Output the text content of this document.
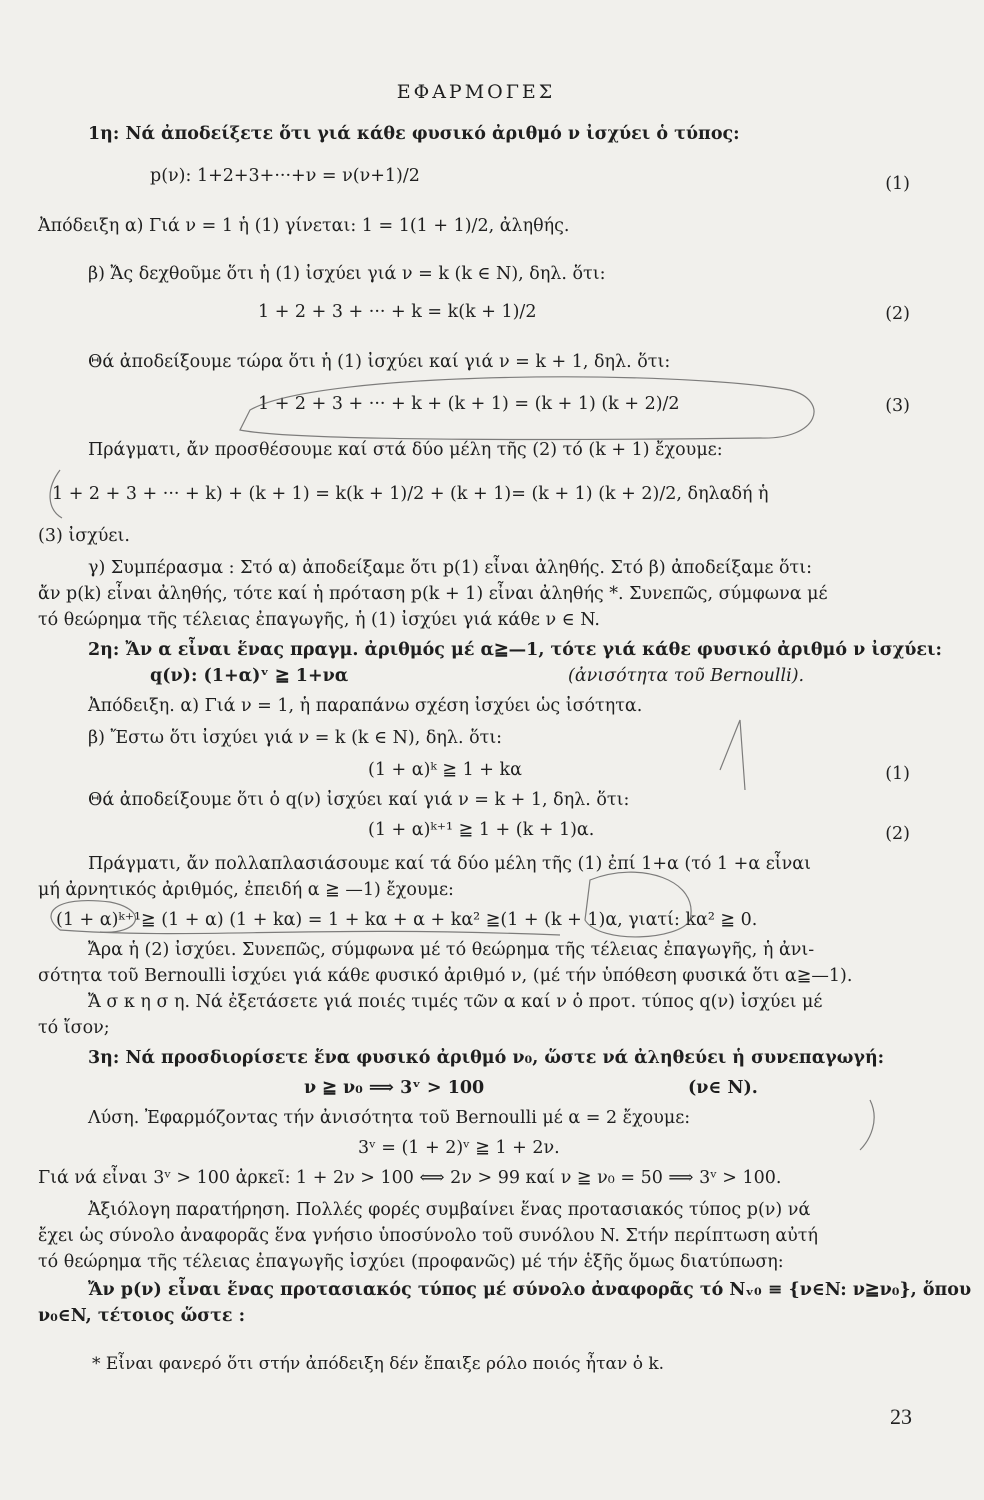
ΕΦΑΡΜΟΓΕΣ
1η: Νά ἀποδείξετε ὅτι γιά κάθε φυσικό ἀριθμό ν ἰσχύει ὁ τύπος:
p(ν): 1+2+3+···+ν = ν(ν+1)/2	(1)
Ἀπόδειξη α) Γιά ν = 1 ἡ (1) γίνεται: 1 = 1(1 + 1)/2, ἀληθής.
β) Ἄς δεχθοῦμε ὅτι ἡ (1) ἰσχύει γιά ν = k (k ∈ N), δηλ. ὅτι:
1 + 2 + 3 + ··· + k = k(k + 1)/2	(2)
Θά ἀποδείξουμε τώρα ὅτι ἡ (1) ἰσχύει καί γιά ν = k + 1, δηλ. ὅτι:
1 + 2 + 3 + ··· + k + (k + 1) = (k + 1) (k + 2)/2	(3)
Πράγματι, ἄν προσθέσουμε καί στά δύο μέλη τῆς (2) τό (k + 1) ἔχουμε:
1 + 2 + 3 + ··· + k) + (k + 1) = k(k + 1)/2 + (k + 1)= (k + 1) (k + 2)/2, δηλαδή ἡ
(3) ἰσχύει.
γ) Συμπέρασμα : Στό α) ἀποδείξαμε ὅτι p(1) εἶναι ἀληθής. Στό β) ἀποδείξαμε ὅτι:
ἄν p(k) εἶναι ἀληθής, τότε καί ἡ πρόταση p(k + 1) εἶναι ἀληθής *. Συνεπῶς, σύμφωνα μέ
τό θεώρημα τῆς τέλειας ἐπαγωγῆς, ἡ (1) ἰσχύει γιά κάθε ν ∈ N.
2η: Ἄν α εἶναι ἕνας πραγμ. ἀριθμός μέ α≧—1, τότε γιά κάθε φυσικό ἀριθμό ν ἰσχύει:
q(ν): (1+α)ᵛ ≧ 1+να	(ἀνισότητα τοῦ Bernoulli).
Ἀπόδειξη. α) Γιά ν = 1, ἡ παραπάνω σχέση ἰσχύει ὡς ἰσότητα.
β) Ἔστω ὅτι ἰσχύει γιά ν = k (k ∈ N), δηλ. ὅτι:
(1 + α)ᵏ ≧ 1 + kα	(1)
Θά ἀποδείξουμε ὅτι ὁ q(ν) ἰσχύει καί γιά ν = k + 1, δηλ. ὅτι:
(1 + α)ᵏ⁺¹ ≧ 1 + (k + 1)α.	(2)
Πράγματι, ἄν πολλαπλασιάσουμε καί τά δύο μέλη τῆς (1) ἐπί 1+α (τό 1 +α εἶναι
μή ἀρνητικός ἀριθμός, ἐπειδή α ≧ —1) ἔχουμε:
(1 + α)ᵏ⁺¹≧ (1 + α) (1 + kα) = 1 + kα + α + kα² ≧(1 + (k + 1)α, γιατί: kα² ≧ 0.
Ἄρα ἡ (2) ἰσχύει. Συνεπῶς, σύμφωνα μέ τό θεώρημα τῆς τέλειας ἐπαγωγῆς, ἡ ἀνι-
σότητα τοῦ Bernoulli ἰσχύει γιά κάθε φυσικό ἀριθμό ν, (μέ τήν ὑπόθεση φυσικά ὅτι α≧—1).
Ἄ σ κ η σ η. Νά ἐξετάσετε γιά ποιές τιμές τῶν α καί ν ὁ προτ. τύπος q(ν) ἰσχύει μέ
τό ἴσον;
3η: Νά προσδιορίσετε ἕνα φυσικό ἀριθμό ν₀, ὥστε νά ἀληθεύει ἡ συνεπαγωγή:
ν ≧ ν₀ ⟹ 3ᵛ > 100	(ν∈ N).
Λύση. Ἐφαρμόζοντας τήν ἀνισότητα τοῦ Bernoulli μέ α = 2 ἔχουμε:
3ᵛ = (1 + 2)ᵛ ≧ 1 + 2ν.
Γιά νά εἶναι 3ᵛ > 100 ἀρκεῖ: 1 + 2ν > 100 ⟺ 2ν > 99 καί ν ≧ ν₀ = 50 ⟹ 3ᵛ > 100.
Ἀξιόλογη παρατήρηση. Πολλές φορές συμβαίνει ἕνας προτασιακός τύπος p(ν) νά
ἔχει ὡς σύνολο ἀναφορᾶς ἕνα γνήσιο ὑποσύνολο τοῦ συνόλου N. Στήν περίπτωση αὐτή
τό θεώρημα τῆς τέλειας ἐπαγωγῆς ἰσχύει (προφανῶς) μέ τήν ἑξῆς ὅμως διατύπωση:
Ἄν p(ν) εἶναι ἕνας προτασιακός τύπος μέ σύνολο ἀναφορᾶς τό Nᵥ₀ ≡ {ν∈N: ν≧ν₀}, ὅπου
ν₀∈N, τέτοιος ὥστε :
* Εἶναι φανερό ὅτι στήν ἀπόδειξη δέν ἔπαιξε ρόλο ποιός ἦταν ὁ k.
23
